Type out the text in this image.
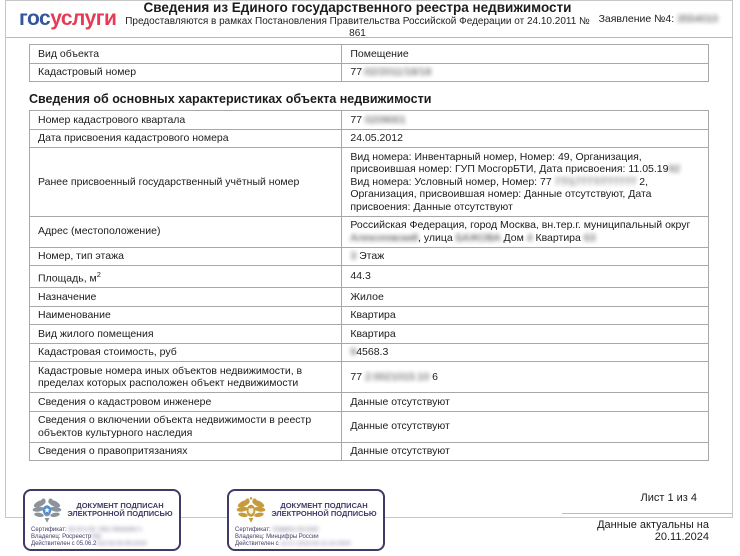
госуслуги	Сведения из Единого государственного реестра недвижимости
Предоставляются в рамках Постановления Правительства Российской Федерации от 24.10.2011 № 861
Заявление №4: 3554010
Вид объекта	Помещение

Кадастровый номер	77:02/2011/18/18
Сведения об основных характеристиках объекта недвижимости
Номер кадастрового квартала	77 0209001

Дата присвоения кадастрового номера	24.05.2012

Ранее присвоенный государственный учётный номер	Вид номера: Инвентарный номер, Номер: 49, Организация, присвоившая номер: ГУП МосгорБТИ, Дата присвоения: 11.05.1992
Вид номера: Условный номер, Номер: 77 77/17777/777777 2, Организация, присвоившая номер: Данные отсутствуют, Дата присвоения: Данные отсутствуют

Адрес (местоположение)	Российская Федерация, город Москва, вн.тер.г. муниципальный округ Алексеевский, улица БАЖОВА Дом 4 Квартира 63

Номер, тип этажа	3 Этаж

Площадь, $м^2$	44.3

Назначение	Жилое

Наименование	Квартира

Вид жилого помещения	Квартира

Кадастровая стоимость, руб	94568.3

Кадастровые номера иных объектов недвижимости, в пределах которых расположен объект недвижимости	77 2:0021015:10 6

Сведения о кадастровом инженере	Данные отсутствуют

Сведения о включении объекта недвижимости в реестр объектов культурного наследия	Данные отсутствуют

Сведения о правопритязаниях	Данные отсутствуют
ДОКУМЕНТ ПОДПИСАН ЭЛЕКТРОННОЙ ПОДПИСЬЮ
Сертификат: 63 9ГА78Г74917б63эо93 ч
Владелец: Росреестречв
Действителен с 05.06.2023 по 05.09.2024
ДОКУМЕНТ ПОДПИСАН ЭЛЕКТРОННОЙ ПОДПИСЬЮ
Сертификат: 00ав45с7821169
Владелец: Минцифры России
Действителен с 21.07.2023 по 21.10.2024
Лист 1 из 4
Данные актуальны на 20.11.2024
